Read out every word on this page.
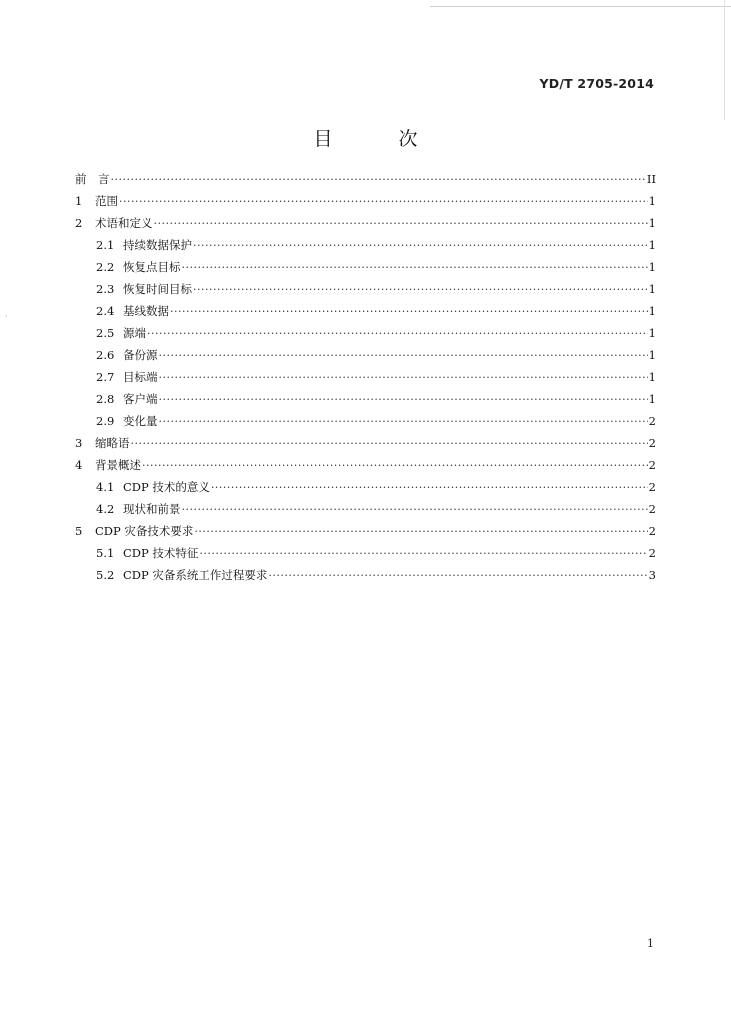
·
YD/T 2705-2014
目 次
前　言 ·····	II
1	范围 ·····	1
2	术语和定义 ·····	1
2.1 持续数据保护 ·····	1
2.2 恢复点目标 ·····	1
2.3 恢复时间目标 ·····	1
2.4 基线数据 ·····	1
2.5 源端 ·····	1
2.6 备份源 ·····	1
2.7 目标端 ·····	1
2.8 客户端 ·····	1
2.9 变化量 ·····	2
3	缩略语 ·····	2
4	背景概述 ·····	2
4.1 CDP 技术的意义 ·····	2
4.2 现状和前景 ·····	2
5	CDP 灾备技术要求 ·····	2
5.1 CDP 技术特征 ·····	2
5.2 CDP 灾备系统工作过程要求 ·····	3
1
